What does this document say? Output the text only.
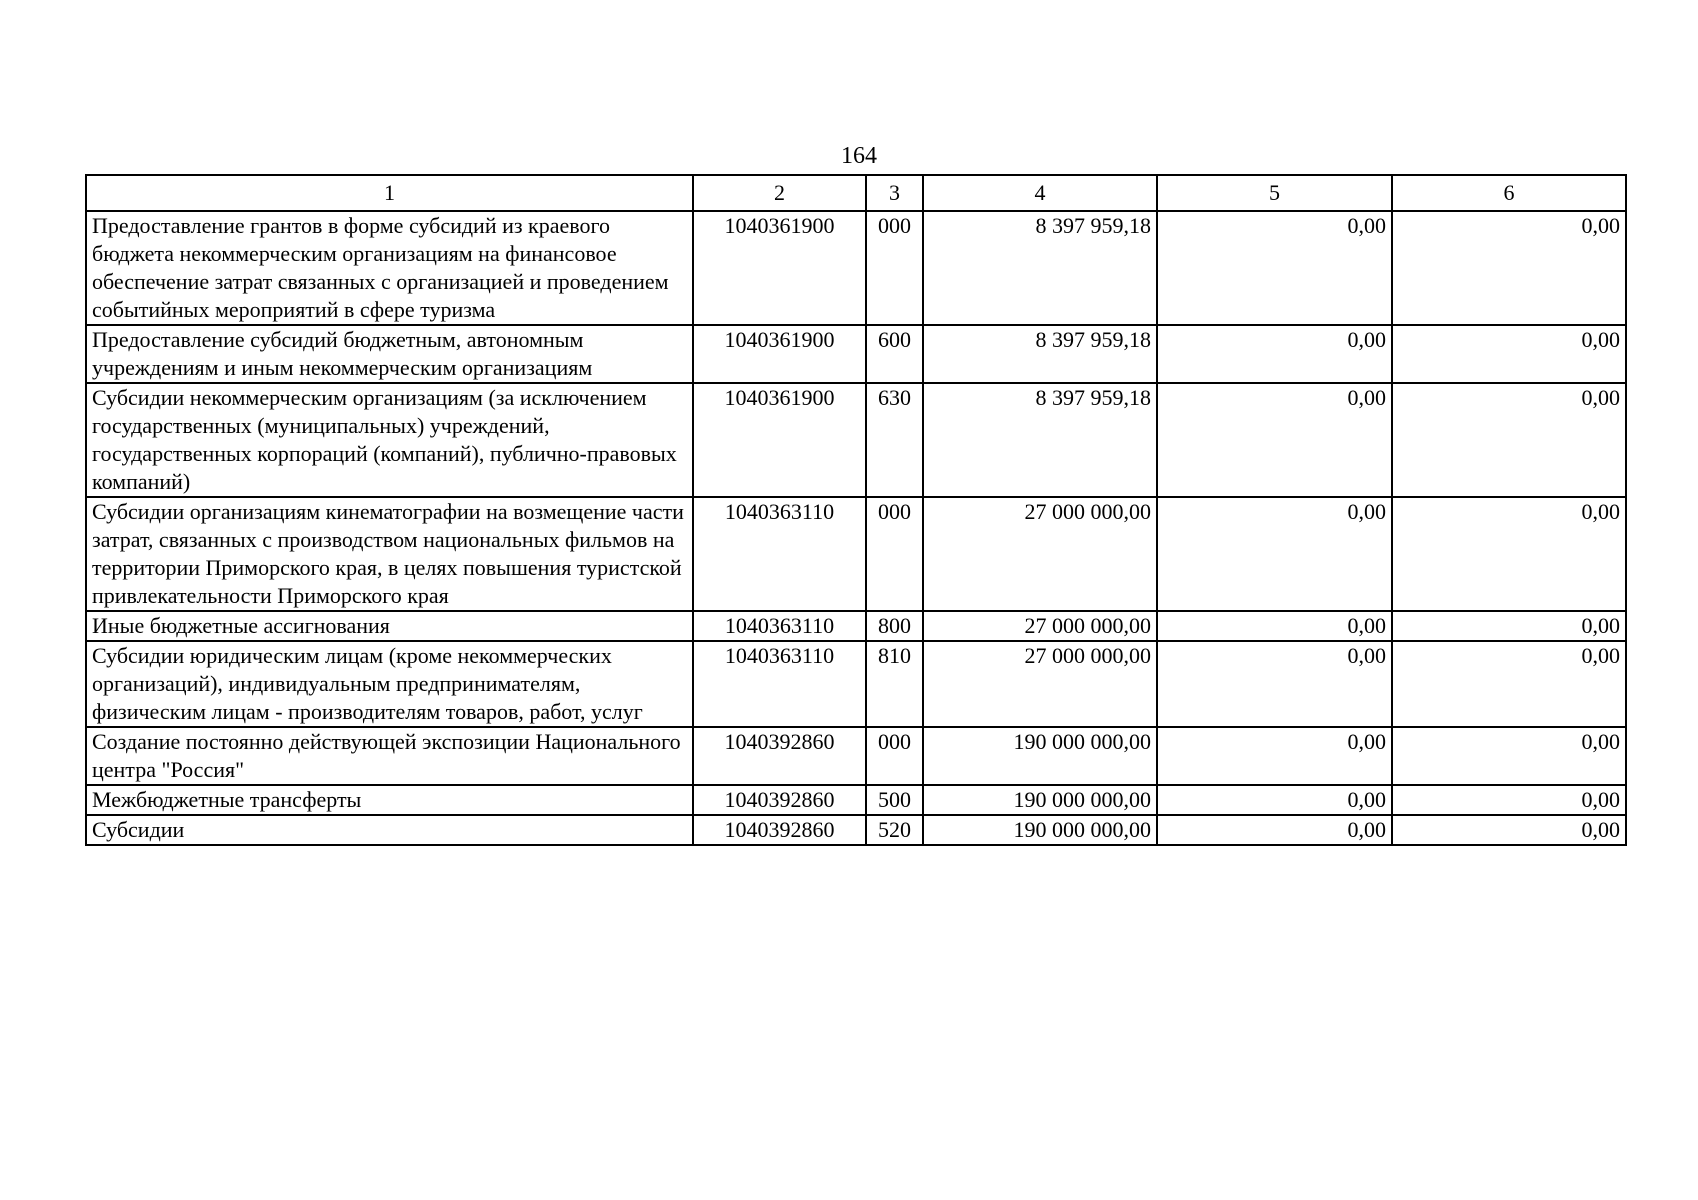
164
1	2	3	4	5	6
Предоставление грантов в форме субсидий из краевого бюджета некоммерческим организациям на финансовое обеспечение затрат связанных с организацией и проведением событийных мероприятий в сфере туризма	1040361900	000	8 397 959,18	0,00	0,00
Предоставление субсидий бюджетным, автономным учреждениям и иным некоммерческим организациям	1040361900	600	8 397 959,18	0,00	0,00
Субсидии некоммерческим организациям (за исключением государственных (муниципальных) учреждений, государственных корпораций (компаний), публично-правовых компаний)	1040361900	630	8 397 959,18	0,00	0,00
Субсидии организациям кинематографии на возмещение части затрат, связанных с производством национальных фильмов на территории Приморского края, в целях повышения туристской привлекательности Приморского края	1040363110	000	27 000 000,00	0,00	0,00
Иные бюджетные ассигнования	1040363110	800	27 000 000,00	0,00	0,00
Субсидии юридическим лицам (кроме некоммерческих организаций), индивидуальным предпринимателям, физическим лицам - производителям товаров, работ, услуг	1040363110	810	27 000 000,00	0,00	0,00
Создание постоянно действующей экспозиции Национального центра "Россия"	1040392860	000	190 000 000,00	0,00	0,00
Межбюджетные трансферты	1040392860	500	190 000 000,00	0,00	0,00
Субсидии	1040392860	520	190 000 000,00	0,00	0,00
